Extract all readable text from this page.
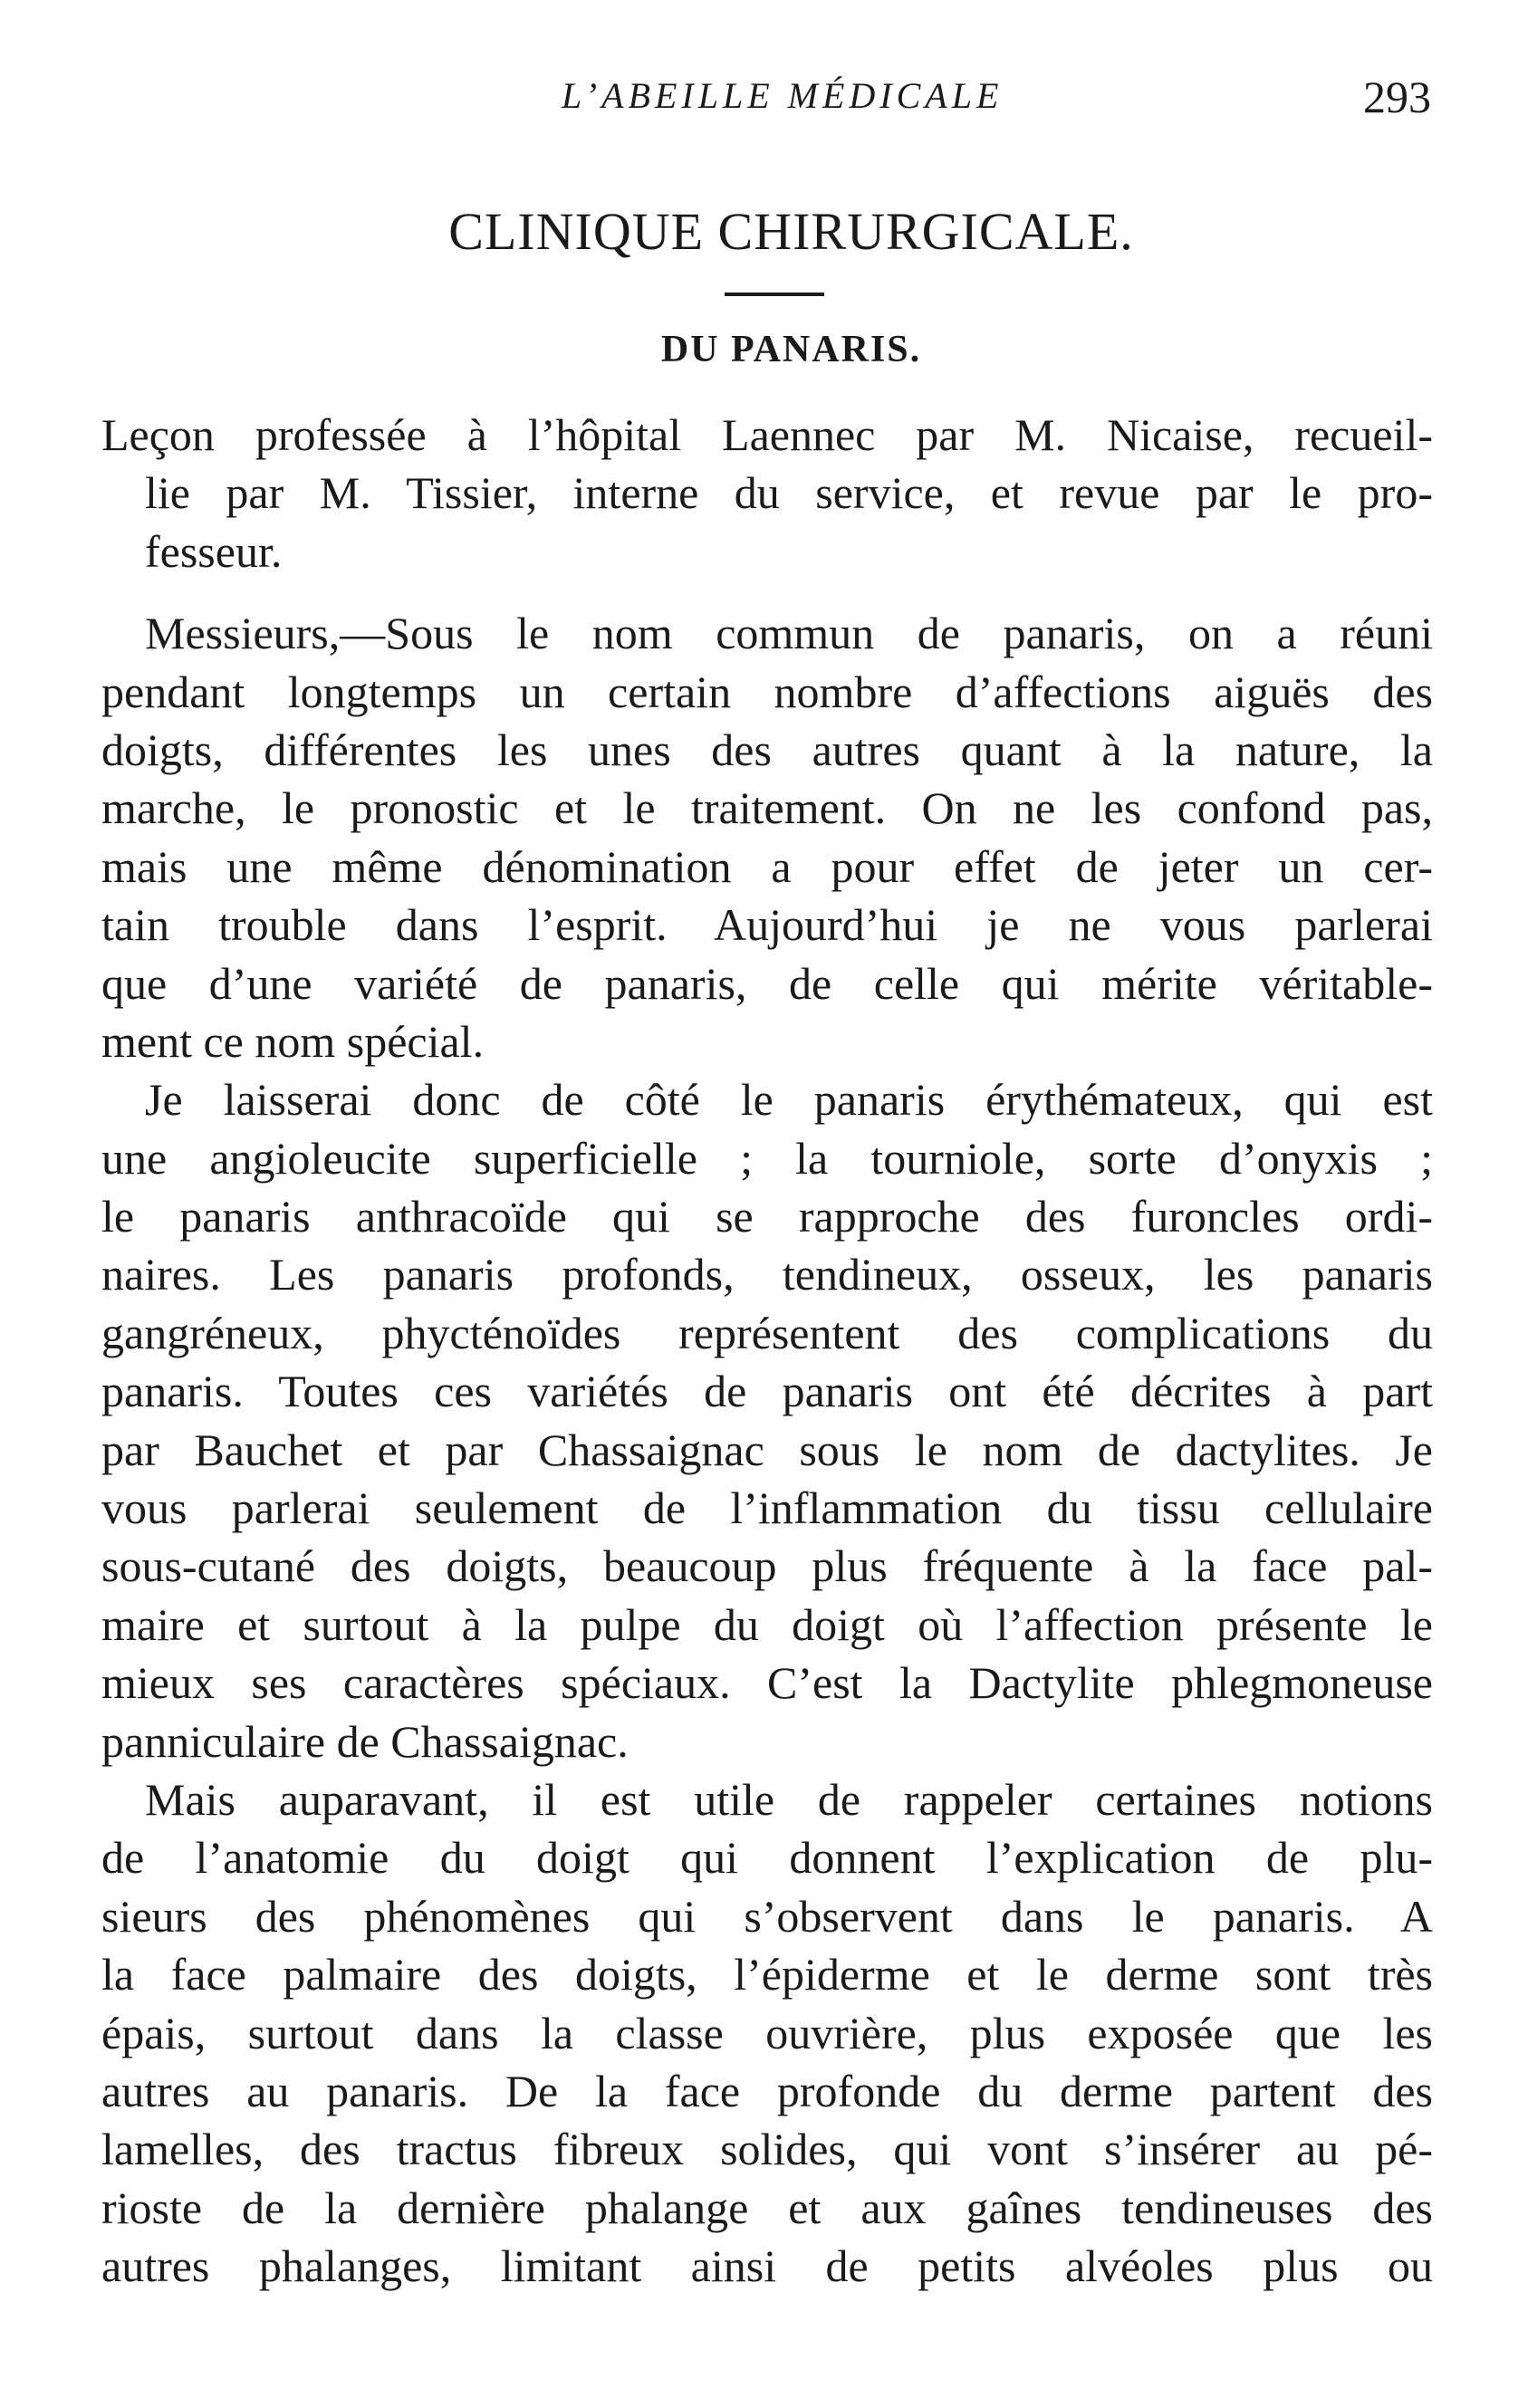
L’ABEILLE MÉDICALE	293
CLINIQUE CHIRURGICALE.
DU PANARIS.
Leçon professée à l’hôpital Laennec par M. Nicaise, recueil-
lie par M. Tissier, interne du service, et revue par le pro-
fesseur.
Messieurs,—Sous le nom commun de panaris, on a réuni
pendant longtemps un certain nombre d’affections aiguës des
doigts, différentes les unes des autres quant à la nature, la
marche, le pronostic et le traitement. On ne les confond pas,
mais une même dénomination a pour effet de jeter un cer-
tain trouble dans l’esprit. Aujourd’hui je ne vous parlerai
que d’une variété de panaris, de celle qui mérite véritable-
ment ce nom spécial.
Je laisserai donc de côté le panaris érythémateux, qui est
une angioleucite superficielle ; la tourniole, sorte d’onyxis ;
le panaris anthracoïde qui se rapproche des furoncles ordi-
naires. Les panaris profonds, tendineux, osseux, les panaris
gangréneux, phycténoïdes représentent des complications du
panaris. Toutes ces variétés de panaris ont été décrites à part
par Bauchet et par Chassaignac sous le nom de dactylites. Je
vous parlerai seulement de l’inflammation du tissu cellulaire
sous-cutané des doigts, beaucoup plus fréquente à la face pal-
maire et surtout à la pulpe du doigt où l’affection présente le
mieux ses caractères spéciaux. C’est la Dactylite phlegmoneuse
panniculaire de Chassaignac.
Mais auparavant, il est utile de rappeler certaines notions
de l’anatomie du doigt qui donnent l’explication de plu-
sieurs des phénomènes qui s’observent dans le panaris. A
la face palmaire des doigts, l’épiderme et le derme sont très
épais, surtout dans la classe ouvrière, plus exposée que les
autres au panaris. De la face profonde du derme partent des
lamelles, des tractus fibreux solides, qui vont s’insérer au pé-
rioste de la dernière phalange et aux gaînes tendineuses des
autres phalanges, limitant ainsi de petits alvéoles plus ou
